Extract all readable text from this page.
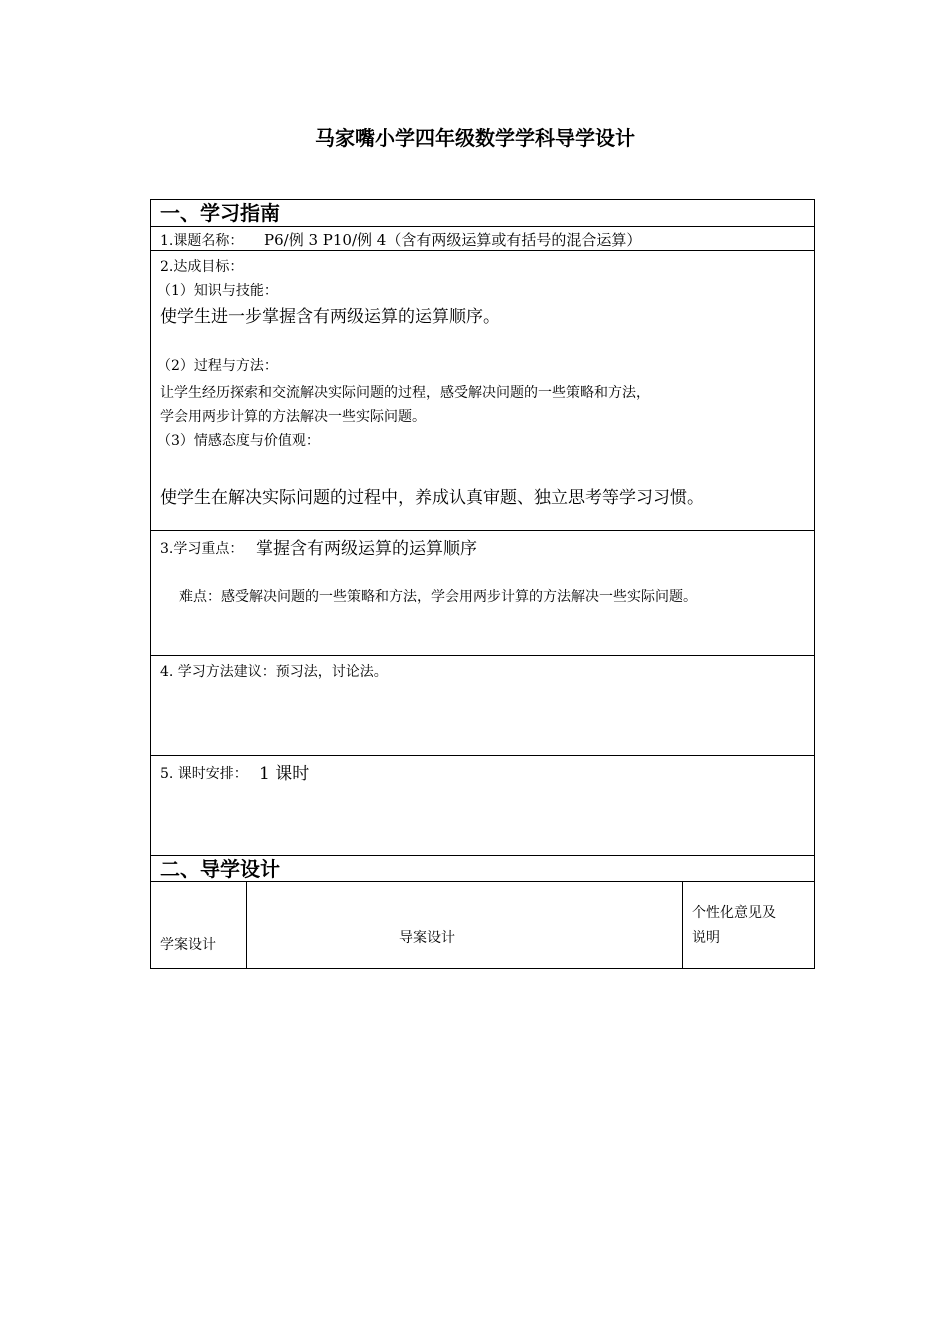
马家嘴小学四年级数学学科导学设计
一、学习指南
1.课题名称： P6/例 3 P10/例 4（含有两级运算或有括号的混合运算）
2.达成目标：
（1）知识与技能：
使学生进一步掌握含有两级运算的运算顺序。
（2）过程与方法：
让学生经历探索和交流解决实际问题的过程，感受解决问题的一些策略和方法，
学会用两步计算的方法解决一些实际问题。
（3）情感态度与价值观：
使学生在解决实际问题的过程中，养成认真审题、独立思考等学习习惯。
3.学习重点： 掌握含有两级运算的运算顺序
难点：感受解决问题的一些策略和方法，学会用两步计算的方法解决一些实际问题。
4. 学习方法建议：预习法，讨论法。
5. 课时安排： 1 课时
二、导学设计
学案设计	导案设计
个性化意见及
说明
